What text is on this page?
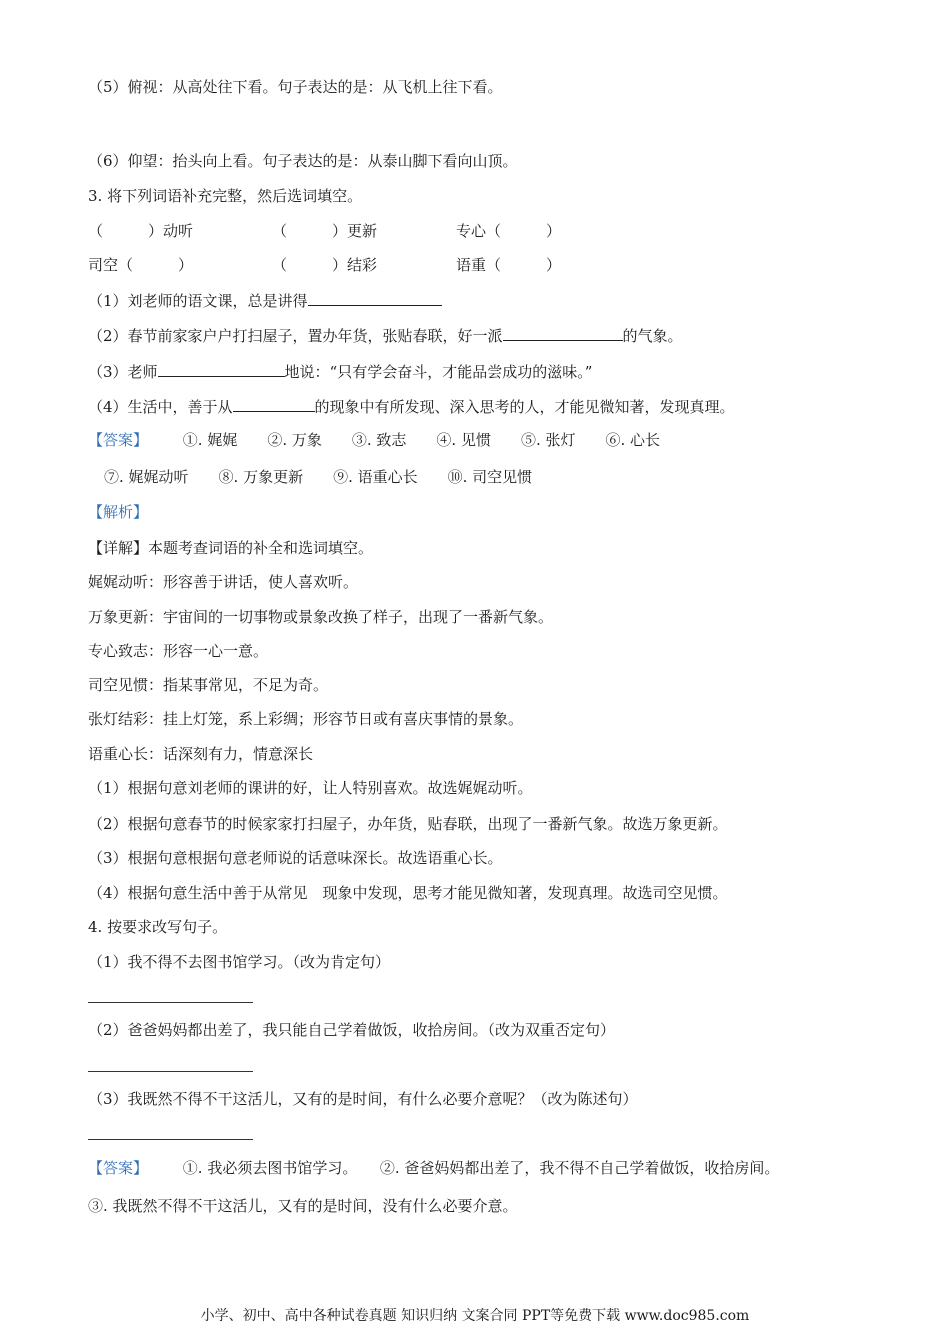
（5）俯视：从高处往下看。句子表达的是：从飞机上往下看。
（6）仰望：抬头向上看。句子表达的是：从泰山脚下看向山顶。
3. 将下列词语补充完整，然后选词填空。
（　　　）动听	（　　　）更新	专心（　　　）
司空（　　　）	（　　　）结彩	语重（　　　）
（1）刘老师的语文课，总是讲得
（2）春节前家家户户打扫屋子，置办年货，张贴春联，好一派	的气象。
（3）老师	地说：“只有学会奋斗，才能品尝成功的滋味。”
（4）生活中，善于从	的现象中有所发现、深入思考的人，才能见微知著，发现真理。
【答案】 ①. 娓娓　　②. 万象　　③. 致志　　④. 见惯　　⑤. 张灯　　⑥. 心长
⑦. 娓娓动听　　⑧. 万象更新　　⑨. 语重心长　　⑩. 司空见惯
【解析】
【详解】本题考查词语的补全和选词填空。
娓娓动听：形容善于讲话，使人喜欢听。
万象更新：宇宙间的一切事物或景象改换了样子，出现了一番新气象。
专心致志：形容一心一意。
司空见惯：指某事常见，不足为奇。
张灯结彩：挂上灯笼，系上彩绸；形容节日或有喜庆事情的景象。
语重心长：话深刻有力，情意深长
（1）根据句意刘老师的课讲的好，让人特别喜欢。故选娓娓动听。
（2）根据句意春节的时候家家打扫屋子，办年货，贴春联，出现了一番新气象。故选万象更新。
（3）根据句意根据句意老师说的话意味深长。故选语重心长。
（4）根据句意生活中善于从常见　现象中发现，思考才能见微知著，发现真理。故选司空见惯。
4. 按要求改写句子。
（1）我不得不去图书馆学习。（改为肯定句）
（2）爸爸妈妈都出差了，我只能自己学着做饭，收拾房间。（改为双重否定句）
（3）我既然不得不干这活儿，又有的是时间，有什么必要介意呢？（改为陈述句）
【答案】 ①. 我必须去图书馆学习。　　②. 爸爸妈妈都出差了，我不得不自己学着做饭，收拾房间。
③. 我既然不得不干这活儿，又有的是时间，没有什么必要介意。
小学、初中、高中各种试卷真题 知识归纳 文案合同 PPT等免费下载 www.doc985.com
